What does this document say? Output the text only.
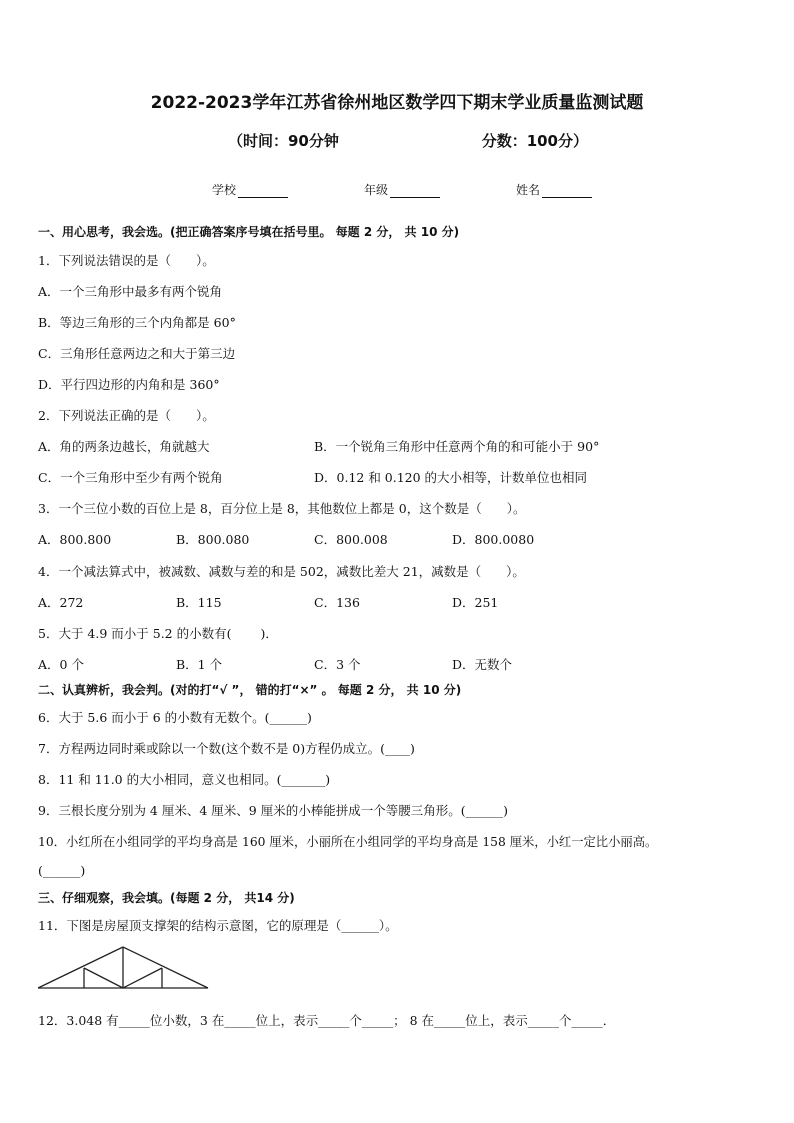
2022-2023学年江苏省徐州地区数学四下期末学业质量监测试题
（时间：90分钟	分数：100分）
学校	年级	姓名
一、用心思考，我会选。(把正确答案序号填在括号里。 每题 2 分， 共 10 分)
1．下列说法错误的是（　　）。
A．一个三角形中最多有两个锐角
B．等边三角形的三个内角都是 60°
C．三角形任意两边之和大于第三边
D．平行四边形的内角和是 360°
2．下列说法正确的是（　　）。
A．角的两条边越长，角就越大	B．一个锐角三角形中任意两个角的和可能小于 90°
C．一个三角形中至少有两个锐角	D．0.12 和 0.120 的大小相等，计数单位也相同
3．一个三位小数的百位上是 8，百分位上是 8，其他数位上都是 0，这个数是（　　）。
A．800.800	B．800.080	C．800.008	D．800.0080
4．一个减法算式中，被减数、减数与差的和是 502，减数比差大 21，减数是（　　）。
A．272	B．115	C．136	D．251
5．大于 4.9 而小于 5.2 的小数有(　　 )．
A．0 个	B．1 个	C．3 个	D．无数个
二、认真辨析，我会判。(对的打“√ ”， 错的打“×” 。 每题 2 分， 共 10 分)
6．大于 5.6 而小于 6 的小数有无数个。(______)
7．方程两边同时乘或除以一个数(这个数不是 0)方程仍成立。(____)
8．11 和 11.0 的大小相同，意义也相同。(_______)
9．三根长度分别为 4 厘米、4 厘米、9 厘米的小棒能拼成一个等腰三角形。(______)
10．小红所在小组同学的平均身高是 160 厘米，小丽所在小组同学的平均身高是 158 厘米，小红一定比小丽高。
(______)
三、仔细观察，我会填。(每题 2 分， 共14 分)
11．下图是房屋顶支撑架的结构示意图，它的原理是（______）。
12．3.048 有_____位小数，3 在_____位上，表示_____个_____； 8 在_____位上，表示_____个_____．
